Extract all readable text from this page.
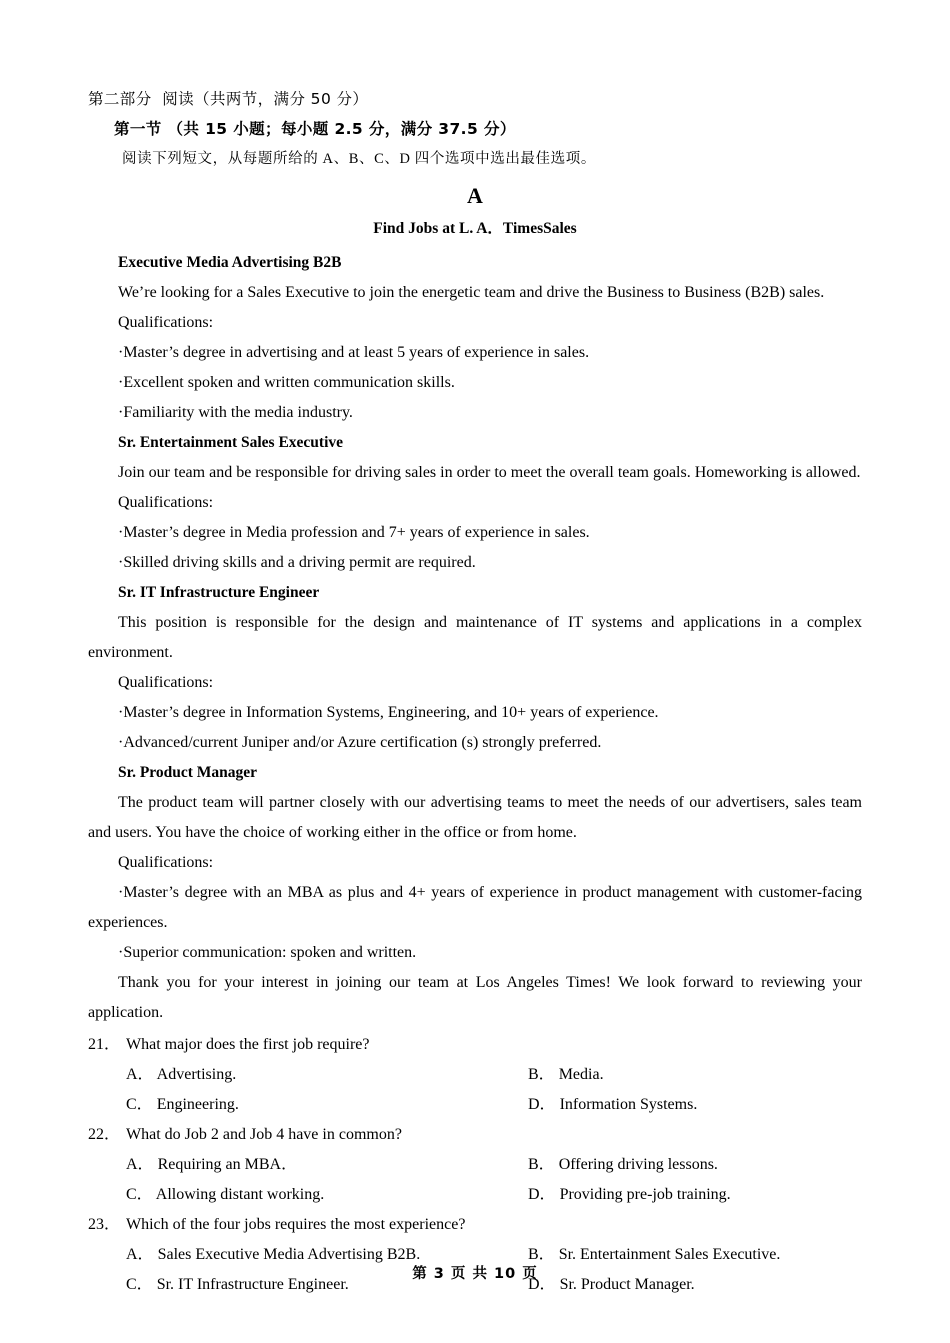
第二部分  阅读（共两节，满分 50 分）
第一节 （共 15 小题；每小题 2.5 分，满分 37.5 分）
阅读下列短文，从每题所给的 A、B、C、D 四个选项中选出最佳选项。
A
Find Jobs at L. A．TimesSales

Executive Media Advertising B2B

We’re looking for a Sales Executive to join the energetic team and drive the Business to Business (B2B) sales.

Qualifications:

·Master’s degree in advertising and at least 5 years of experience in sales.

·Excellent spoken and written communication skills.

·Familiarity with the media industry.

Sr. Entertainment Sales Executive

Join our team and be responsible for driving sales in order to meet the overall team goals. Homeworking is allowed.

Qualifications:

·Master’s degree in Media profession and 7+ years of experience in sales.

·Skilled driving skills and a driving permit are required.

Sr. IT Infrastructure Engineer

This position is responsible for the design and maintenance of IT systems and applications in a complex environment.

Qualifications:

·Master’s degree in Information Systems, Engineering, and 10+ years of experience.

·Advanced/current Juniper and/or Azure certification (s) strongly preferred.

Sr. Product Manager

The product team will partner closely with our advertising teams to meet the needs of our advertisers, sales team and users. You have the choice of working either in the office or from home.

Qualifications:

·Master’s degree with an MBA as plus and 4+ years of experience in product management with customer-facing experiences.

·Superior communication: spoken and written.

Thank you for your interest in joining our team at Los Angeles Times! We look forward to reviewing your application.

21． What major does the first job require?
A． Advertising.	B． Media.
C． Engineering.	D． Information Systems.
22． What do Job 2 and Job 4 have in common?
A． Requiring an MBA．	B． Offering driving lessons.
C． Allowing distant working.	D． Providing pre-job training.
23． Which of the four jobs requires the most experience?
A． Sales Executive Media Advertising B2B.	B． Sr. Entertainment Sales Executive.
C． Sr. IT Infrastructure Engineer.	D． Sr. Product Manager.
第 3 页 共 10 页
